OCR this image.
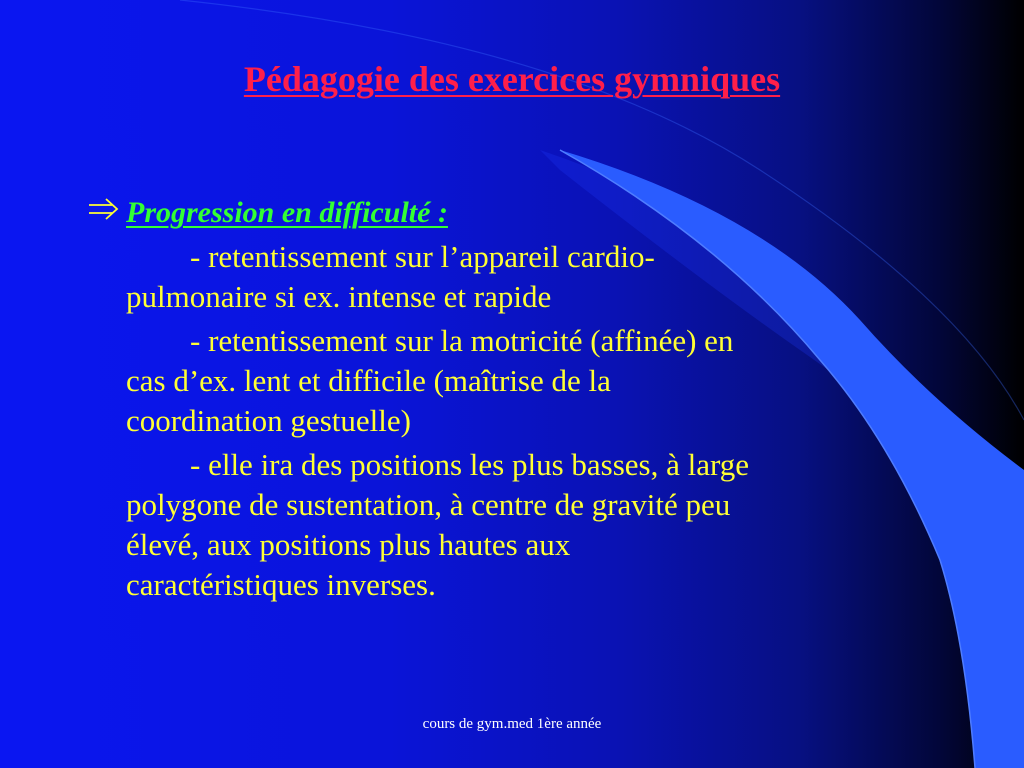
Pédagogie des exercices gymniques

Progression en difficulté :

- retentissement sur l’appareil cardio-
pulmonaire si ex. intense et rapide

- retentissement sur la motricité (affinée) en
cas d’ex. lent et difficile (maîtrise de la
coordination gestuelle)

- elle ira des positions les plus basses, à large
polygone de sustentation, à centre de gravité peu
élevé, aux positions plus hautes aux
caractéristiques inverses.

cours de gym.med 1ère année
